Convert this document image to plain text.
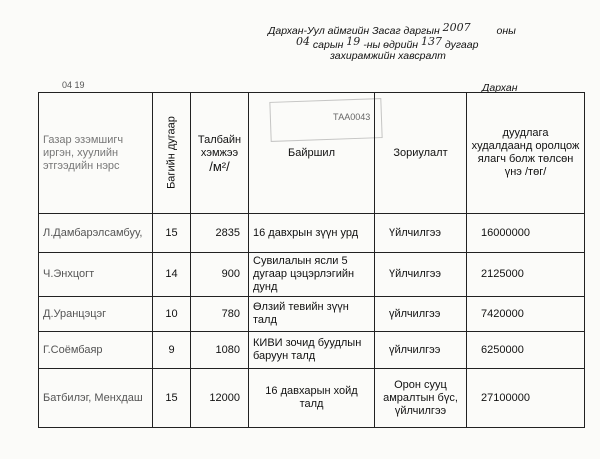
Дархан-Уул аймгийн Засаг даргын 2007 оны
04 сарын 19 -ны өдрийн 137 дугаар
захирамжийн хавсралт
04 19	Дархан
ТАА0043
Газар эзэмшигч иргэн, хуулийн этгээдийн нэрс	Багийн дугаар	Талбайн
хэмжээ
/м²/	Байршил	Зориулалт	дуудлага худалдаанд оролцож ялагч болж төлсөн үнэ /төг/
Л.Дамбарэлсамбуу,	15	2835	16 давхрын зүүн урд	Үйлчилгээ	16000000
Ч.Энхцогт	14	900	Сувилалын ясли 5 дугаар цэцэрлэгийн дунд	Үйлчилгээ	2125000
Д.Уранцэцэг	10	780	Өлзий тевийн зүүн талд	үйлчилгээ	7420000
Г.Соёмбаяр	9	1080	КИВИ зочид буудлын баруун талд	үйлчилгээ	6250000
Батбилэг, Менхдаш	15	12000	16 давхарын хойд талд	Орон сууц амралтын бүс, үйлчилгээ	27100000
